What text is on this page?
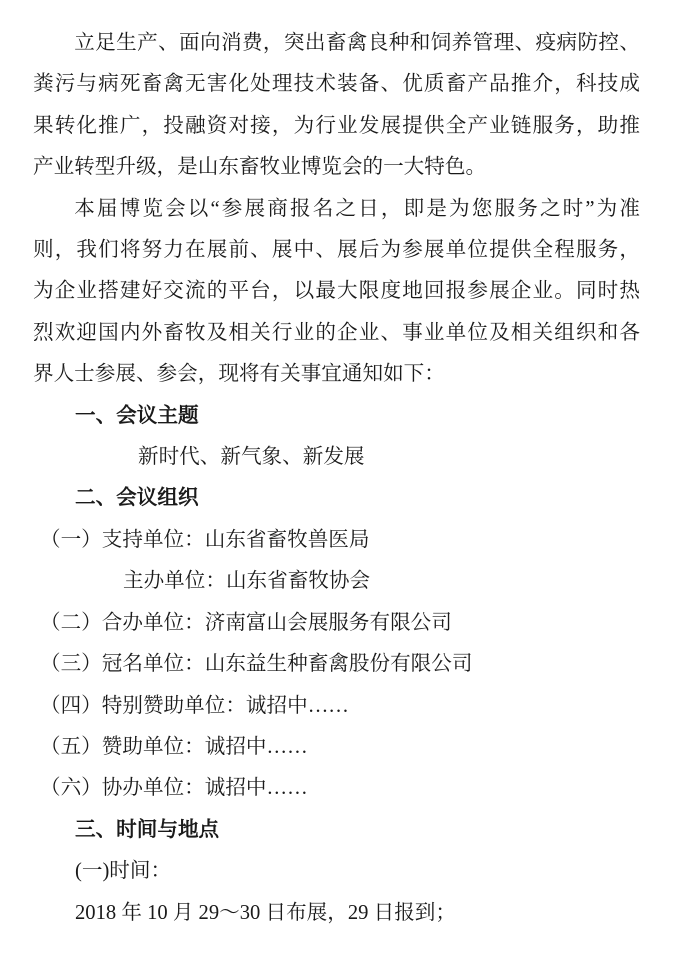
立足生产、面向消费，突出畜禽良种和饲养管理、疫病防控、
粪污与病死畜禽无害化处理技术装备、优质畜产品推介，科技成
果转化推广，投融资对接，为行业发展提供全产业链服务，助推
产业转型升级，是山东畜牧业博览会的一大特色。
本届博览会以“参展商报名之日，即是为您服务之时”为准
则，我们将努力在展前、展中、展后为参展单位提供全程服务，
为企业搭建好交流的平台，以最大限度地回报参展企业。同时热
烈欢迎国内外畜牧及相关行业的企业、事业单位及相关组织和各
界人士参展、参会，现将有关事宜通知如下：
一、会议主题
新时代、新气象、新发展
二、会议组织
（一）支持单位：山东省畜牧兽医局
主办单位：山东省畜牧协会
（二）合办单位：济南富山会展服务有限公司
（三）冠名单位：山东益生种畜禽股份有限公司
（四）特别赞助单位：诚招中……
（五）赞助单位：诚招中……
（六）协办单位：诚招中……
三、时间与地点
(一)时间：
2018 年 10 月 29～30 日布展，29 日报到；
